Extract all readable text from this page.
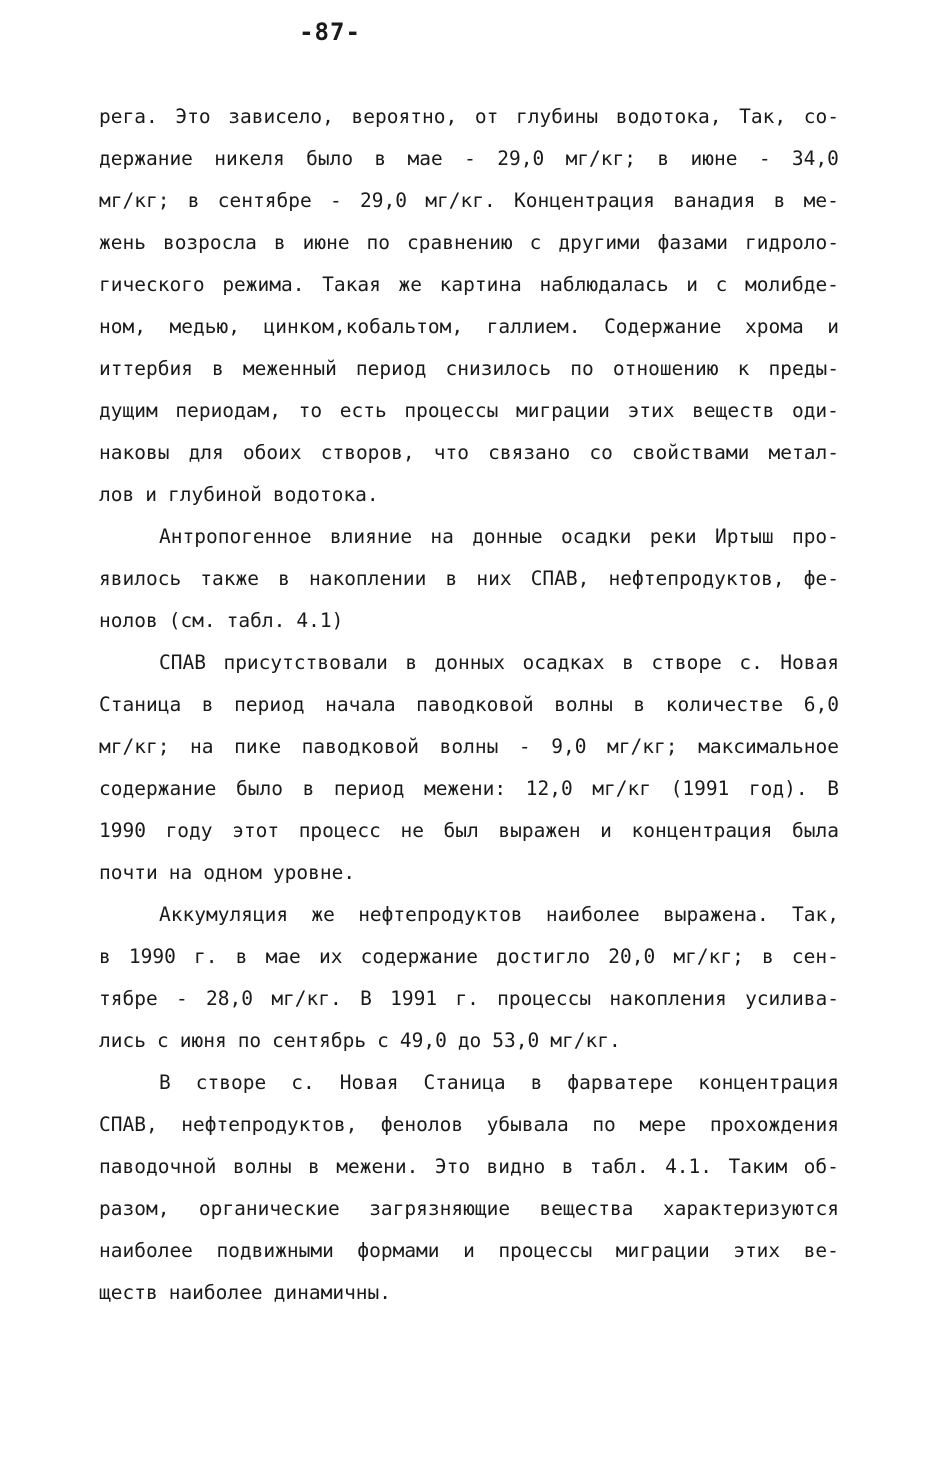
-87-
рега. Это зависело, вероятно, от глубины водотока, Так, со-
держание никеля было в мае - 29,0 мг/кг; в июне - 34,0
мг/кг; в сентябре - 29,0 мг/кг. Концентрация ванадия в ме-
жень возросла в июне по сравнению с другими фазами гидроло-
гического режима. Такая же картина наблюдалась и с молибде-
ном, медью, цинком,кобальтом, галлием. Содержание хрома и
иттербия в меженный период снизилось по отношению к преды-
дущим периодам, то есть процессы миграции этих веществ оди-
наковы для обоих створов, что связано со свойствами метал-
лов и глубиной водотока.
Антропогенное влияние на донные осадки реки Иртыш про-
явилось также в накоплении в них СПАВ, нефтепродуктов, фе-
нолов (см. табл. 4.1)
СПАВ присутствовали в донных осадках в створе с. Новая
Станица в период начала паводковой волны в количестве 6,0
мг/кг; на пике паводковой волны - 9,0 мг/кг; максимальное
содержание было в период межени: 12,0 мг/кг (1991 год). В
1990 году этот процесс не был выражен и концентрация была
почти на одном уровне.
Аккумуляция же нефтепродуктов наиболее выражена. Так,
в 1990 г. в мае их содержание достигло 20,0 мг/кг; в сен-
тябре - 28,0 мг/кг. В 1991 г. процессы накопления усилива-
лись с июня по сентябрь с 49,0 до 53,0 мг/кг.
В створе с. Новая Станица в фарватере концентрация
СПАВ, нефтепродуктов, фенолов убывала по мере прохождения
паводочной волны в межени. Это видно в табл. 4.1. Таким об-
разом, органические загрязняющие вещества характеризуются
наиболее подвижными формами и процессы миграции этих ве-
ществ наиболее динамичны.
